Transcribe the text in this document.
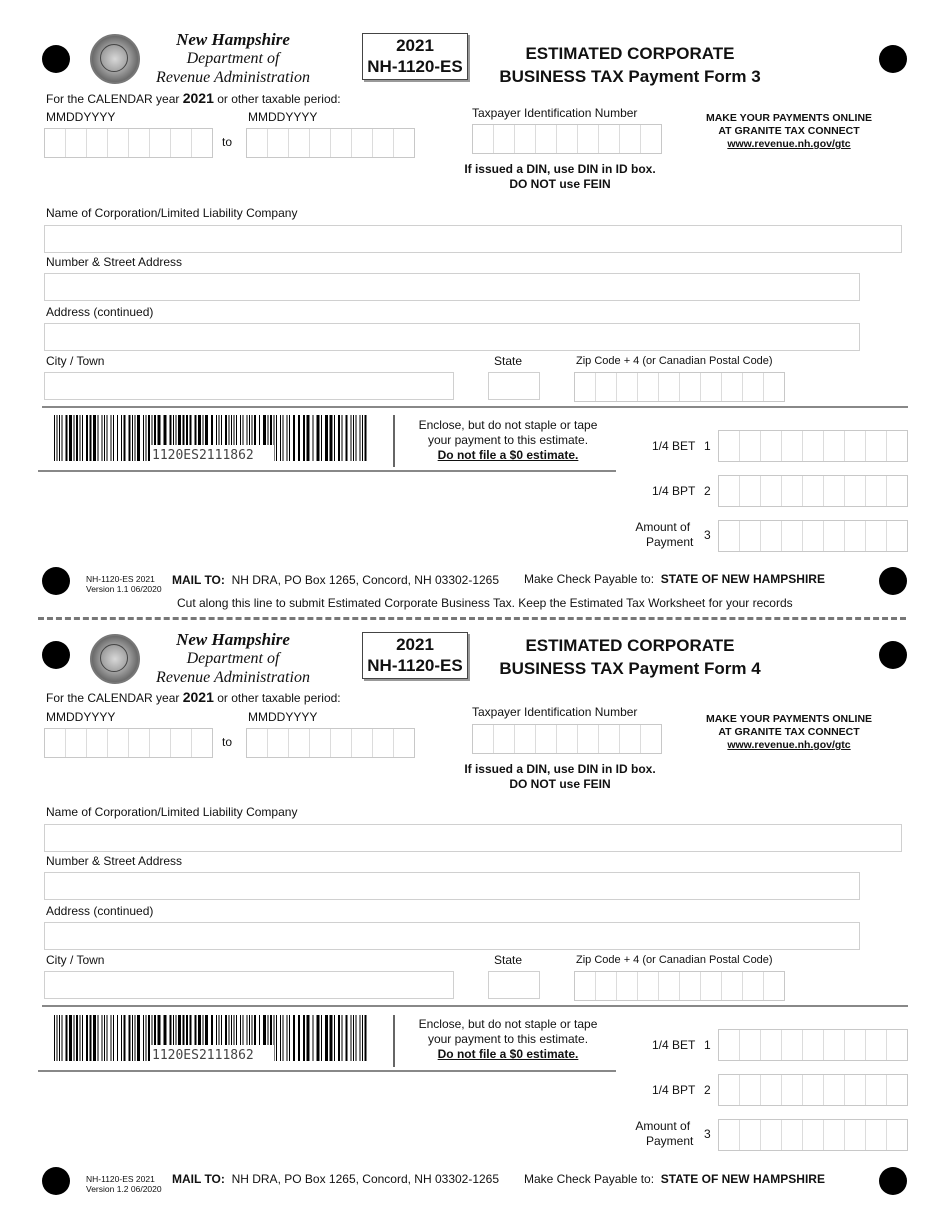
New Hampshire
Department of
Revenue Administration
2021
NH-1120-ES
ESTIMATED CORPORATE
BUSINESS TAX Payment Form 3
For the CALENDAR year 2021 or other taxable period:
MMDDYYYY	MMDDYYYY
to
Taxpayer Identification Number
If issued a DIN, use DIN in ID box.
DO NOT use FEIN
MAKE YOUR PAYMENTS ONLINE
AT GRANITE TAX CONNECT
www.revenue.nh.gov/gtc
Name of Corporation/Limited Liability Company
Number & Street Address
Address (continued)
City / Town	State	Zip Code + 4 (or Canadian Postal Code)
1120ES2111862
Enclose, but do not staple or tape
your payment to this estimate.
Do not file a $0 estimate.
1/4 BET 1
1/4 BPT 2
Amount of
Payment 3
NH-1120-ES 2021
Version 1.1 06/2020
MAIL TO: NH DRA, PO Box 1265, Concord, NH 03302-1265 Make Check Payable to: STATE OF NEW HAMPSHIRE
Cut along this line to submit Estimated Corporate Business Tax. Keep the Estimated Tax Worksheet for your records
New Hampshire
Department of
Revenue Administration
2021
NH-1120-ES
ESTIMATED CORPORATE
BUSINESS TAX Payment Form 4
For the CALENDAR year 2021 or other taxable period:
MMDDYYYY	MMDDYYYY
to
Taxpayer Identification Number
If issued a DIN, use DIN in ID box.
DO NOT use FEIN
MAKE YOUR PAYMENTS ONLINE
AT GRANITE TAX CONNECT
www.revenue.nh.gov/gtc
Name of Corporation/Limited Liability Company
Number & Street Address
Address (continued)
City / Town	State	Zip Code + 4 (or Canadian Postal Code)
1120ES2111862
Enclose, but do not staple or tape
your payment to this estimate.
Do not file a $0 estimate.
1/4 BET 1
1/4 BPT 2
Amount of
Payment 3
NH-1120-ES 2021
Version 1.2 06/2020
MAIL TO: NH DRA, PO Box 1265, Concord, NH 03302-1265 Make Check Payable to: STATE OF NEW HAMPSHIRE
